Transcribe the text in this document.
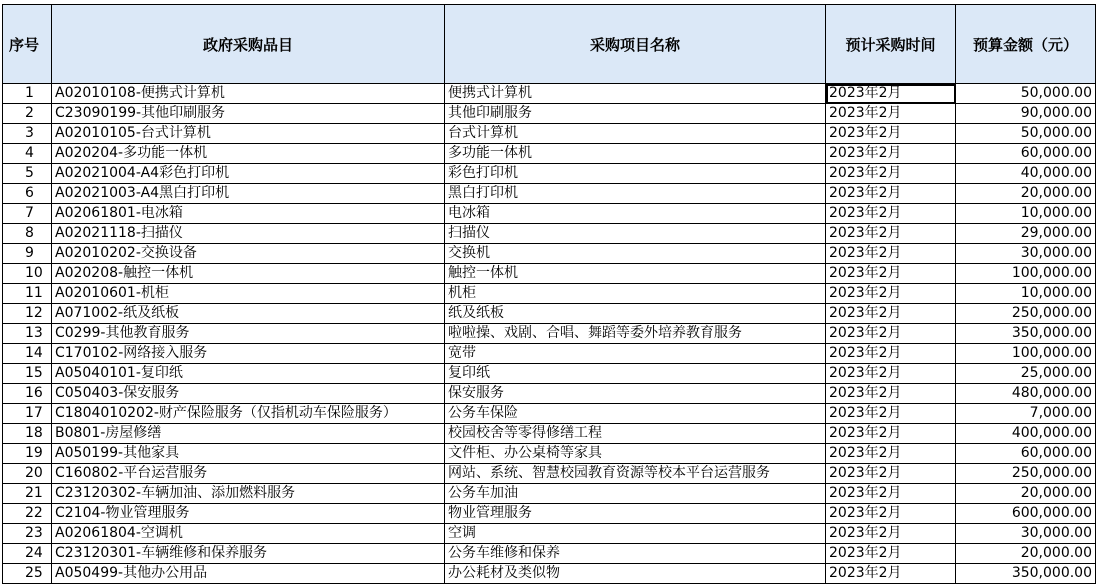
序号	政府采购品目	采购项目名称	预计采购时间	预算金额（元）
1	A02010108-便携式计算机	便携式计算机	2023年2月	50,000.00
2	C23090199-其他印刷服务	其他印刷服务	2023年2月	90,000.00
3	A02010105-台式计算机	台式计算机	2023年2月	50,000.00
4	A020204-多功能一体机	多功能一体机	2023年2月	60,000.00
5	A02021004-A4彩色打印机	彩色打印机	2023年2月	40,000.00
6	A02021003-A4黑白打印机	黑白打印机	2023年2月	20,000.00
7	A02061801-电冰箱	电冰箱	2023年2月	10,000.00
8	A02021118-扫描仪	扫描仪	2023年2月	29,000.00
9	A02010202-交换设备	交换机	2023年2月	30,000.00
10	A020208-触控一体机	触控一体机	2023年2月	100,000.00
11	A02010601-机柜	机柜	2023年2月	10,000.00
12	A071002-纸及纸板	纸及纸板	2023年2月	250,000.00
13	C0299-其他教育服务	啦啦操、戏剧、合唱、舞蹈等委外培养教育服务	2023年2月	350,000.00
14	C170102-网络接入服务	宽带	2023年2月	100,000.00
15	A05040101-复印纸	复印纸	2023年2月	25,000.00
16	C050403-保安服务	保安服务	2023年2月	480,000.00
17	C1804010202-财产保险服务（仅指机动车保险服务）	公务车保险	2023年2月	7,000.00
18	B0801-房屋修缮	校园校舍等零得修缮工程	2023年2月	400,000.00
19	A050199-其他家具	文件柜、办公桌椅等家具	2023年2月	60,000.00
20	C160802-平台运营服务	网站、系统、智慧校园教育资源等校本平台运营服务	2023年2月	250,000.00
21	C23120302-车辆加油、添加燃料服务	公务车加油	2023年2月	20,000.00
22	C2104-物业管理服务	物业管理服务	2023年2月	600,000.00
23	A02061804-空调机	空调	2023年2月	30,000.00
24	C23120301-车辆维修和保养服务	公务车维修和保养	2023年2月	20,000.00
25	A050499-其他办公用品	办公耗材及类似物	2023年2月	350,000.00
